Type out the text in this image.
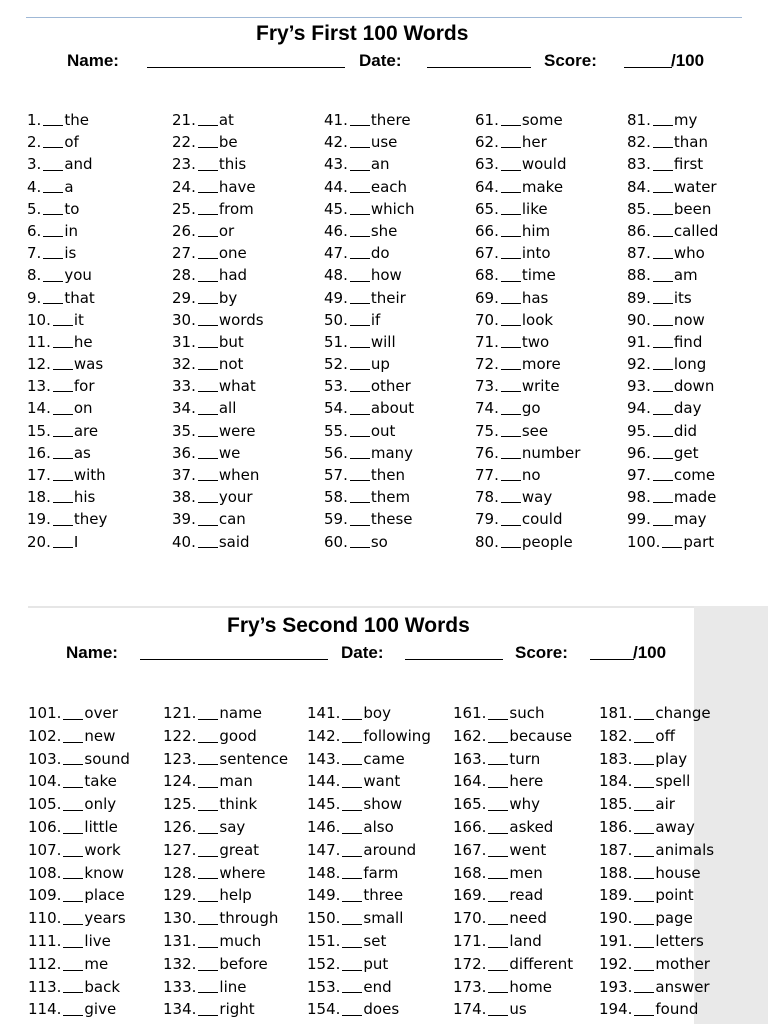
Fry’s First 100 Words
Name:	Date:	Score:	/100
1. the
2. of
3. and
4. a
5. to
6. in
7. is
8. you
9. that
10. it
11. he
12. was
13. for
14. on
15. are
16. as
17. with
18. his
19. they
20. I
21. at
22. be
23. this
24. have
25. from
26. or
27. one
28. had
29. by
30. words
31. but
32. not
33. what
34. all
35. were
36. we
37. when
38. your
39. can
40. said
41. there
42. use
43. an
44. each
45. which
46. she
47. do
48. how
49. their
50. if
51. will
52. up
53. other
54. about
55. out
56. many
57. then
58. them
59. these
60. so
61. some
62. her
63. would
64. make
65. like
66. him
67. into
68. time
69. has
70. look
71. two
72. more
73. write
74. go
75. see
76. number
77. no
78. way
79. could
80. people
81. my
82. than
83. first
84. water
85. been
86. called
87. who
88. am
89. its
90. now
91. find
92. long
93. down
94. day
95. did
96. get
97. come
98. made
99. may
100. part
Fry’s Second 100 Words
Name:	Date:	Score:	/100
101. over
102. new
103. sound
104. take
105. only
106. little
107. work
108. know
109. place
110. years
111. live
112. me
113. back
114. give
121. name
122. good
123. sentence
124. man
125. think
126. say
127. great
128. where
129. help
130. through
131. much
132. before
133. line
134. right
141. boy
142. following
143. came
144. want
145. show
146. also
147. around
148. farm
149. three
150. small
151. set
152. put
153. end
154. does
161. such
162. because
163. turn
164. here
165. why
166. asked
167. went
168. men
169. read
170. need
171. land
172. different
173. home
174. us
181. change
182. off
183. play
184. spell
185. air
186. away
187. animals
188. house
189. point
190. page
191. letters
192. mother
193. answer
194. found
